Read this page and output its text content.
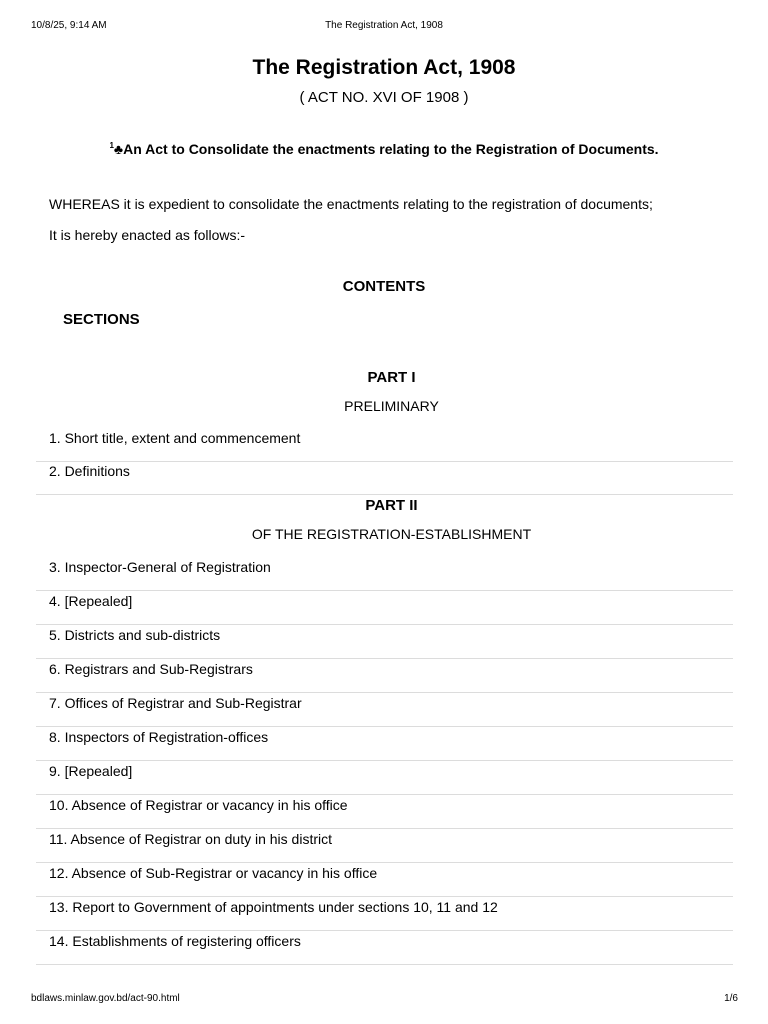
10/8/25, 9:14 AM	The Registration Act, 1908
The Registration Act, 1908
( ACT NO. XVI OF 1908 )
$^1$♣An Act to Consolidate the enactments relating to the Registration of Documents.
WHEREAS it is expedient to consolidate the enactments relating to the registration of documents;
It is hereby enacted as follows:-
CONTENTS
SECTIONS
PART I
PRELIMINARY
1. Short title, extent and commencement
2. Definitions
PART II
OF THE REGISTRATION-ESTABLISHMENT
3. Inspector-General of Registration
4. [Repealed]
5. Districts and sub-districts
6. Registrars and Sub-Registrars
7. Offices of Registrar and Sub-Registrar
8. Inspectors of Registration-offices
9. [Repealed]
10. Absence of Registrar or vacancy in his office
11. Absence of Registrar on duty in his district
12. Absence of Sub-Registrar or vacancy in his office
13. Report to Government of appointments under sections 10, 11 and 12
14. Establishments of registering officers
bdlaws.minlaw.gov.bd/act-90.html	1/6
